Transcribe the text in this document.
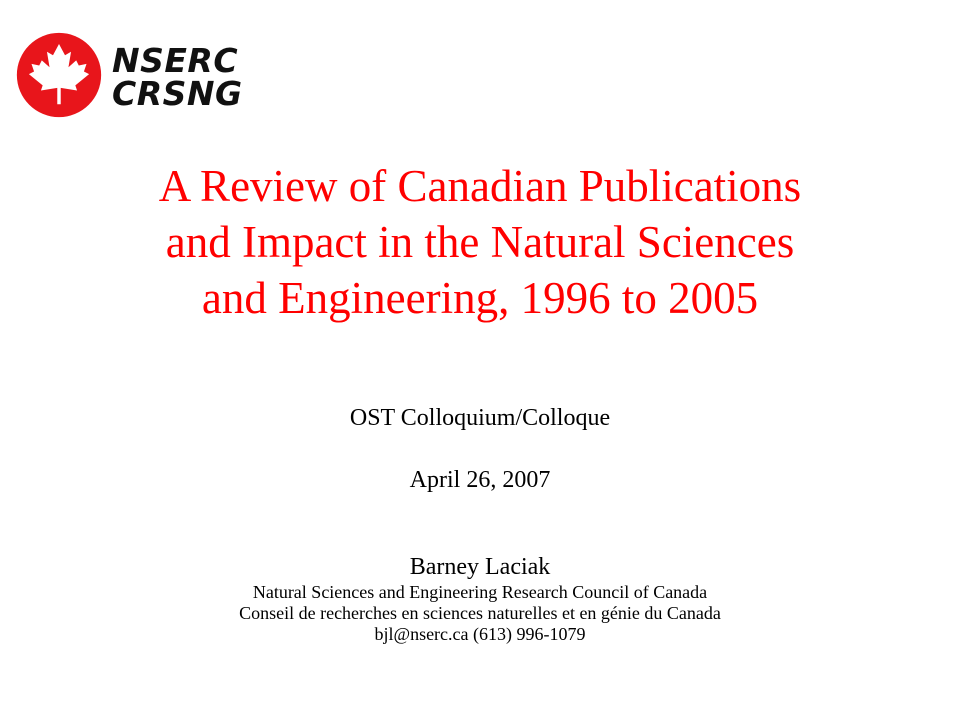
NSERC
CRSNG
A Review of Canadian Publications
and Impact in the Natural Sciences
and Engineering, 1996 to 2005
OST Colloquium/Colloque
April 26, 2007
Barney Laciak
Natural Sciences and Engineering Research Council of Canada
Conseil de recherches en sciences naturelles et en génie du Canada
bjl@nserc.ca (613) 996-1079
